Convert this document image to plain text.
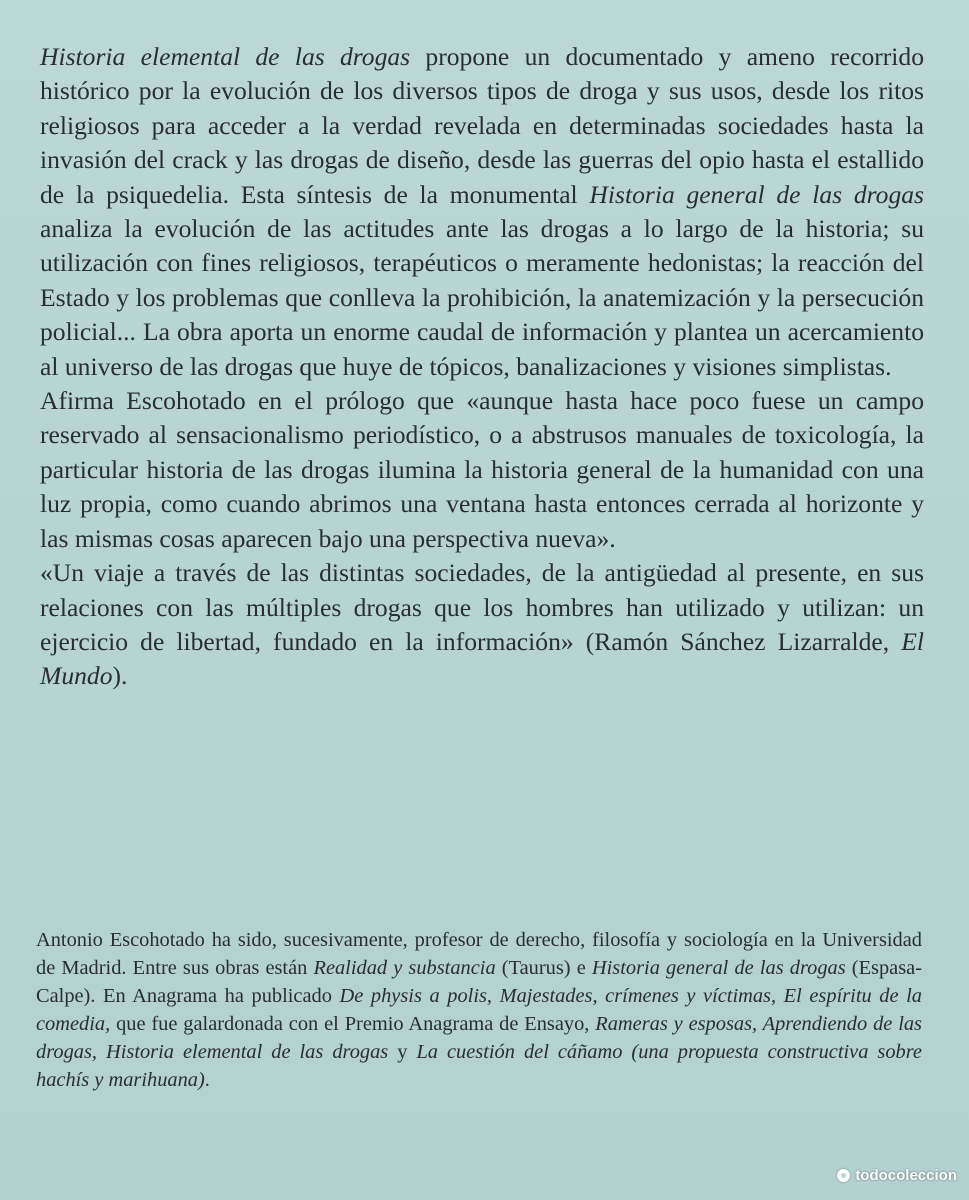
Historia elemental de las drogas propone un documentado y ameno recorrido histórico por la evolución de los diversos tipos de droga y sus usos, desde los ritos religiosos para acceder a la verdad revelada en determinadas sociedades hasta la invasión del crack y las drogas de diseño, desde las guerras del opio hasta el estallido de la psiquedelia. Esta síntesis de la monumental Historia general de las drogas analiza la evolución de las actitudes ante las drogas a lo largo de la historia; su utilización con fines religiosos, terapéuticos o meramente hedonistas; la reacción del Estado y los problemas que conlleva la prohibición, la anatemización y la persecución policial... La obra aporta un enorme caudal de información y plantea un acercamiento al universo de las drogas que huye de tópicos, banalizaciones y visiones simplistas.

Afirma Escohotado en el prólogo que «aunque hasta hace poco fuese un campo reservado al sensacionalismo periodístico, o a abstrusos manuales de toxicología, la particular historia de las drogas ilumina la historia general de la humanidad con una luz propia, como cuando abrimos una ventana hasta entonces cerrada al horizonte y las mismas cosas aparecen bajo una perspectiva nueva».

«Un viaje a través de las distintas sociedades, de la antigüedad al presente, en sus relaciones con las múltiples drogas que los hombres han utilizado y utilizan: un ejercicio de libertad, fundado en la información» (Ramón Sánchez Lizarralde, El Mundo).

Antonio Escohotado ha sido, sucesivamente, profesor de derecho, filosofía y sociología en la Universidad de Madrid. Entre sus obras están Realidad y substancia (Taurus) e Historia general de las drogas (Espasa-Calpe). En Anagrama ha publicado De physis a polis, Majestades, crímenes y víctimas, El espíritu de la comedia, que fue galardonada con el Premio Anagrama de Ensayo, Rameras y esposas, Aprendiendo de las drogas, Historia elemental de las drogas y La cuestión del cáñamo (una propuesta constructiva sobre hachís y marihuana).

todocoleccion
